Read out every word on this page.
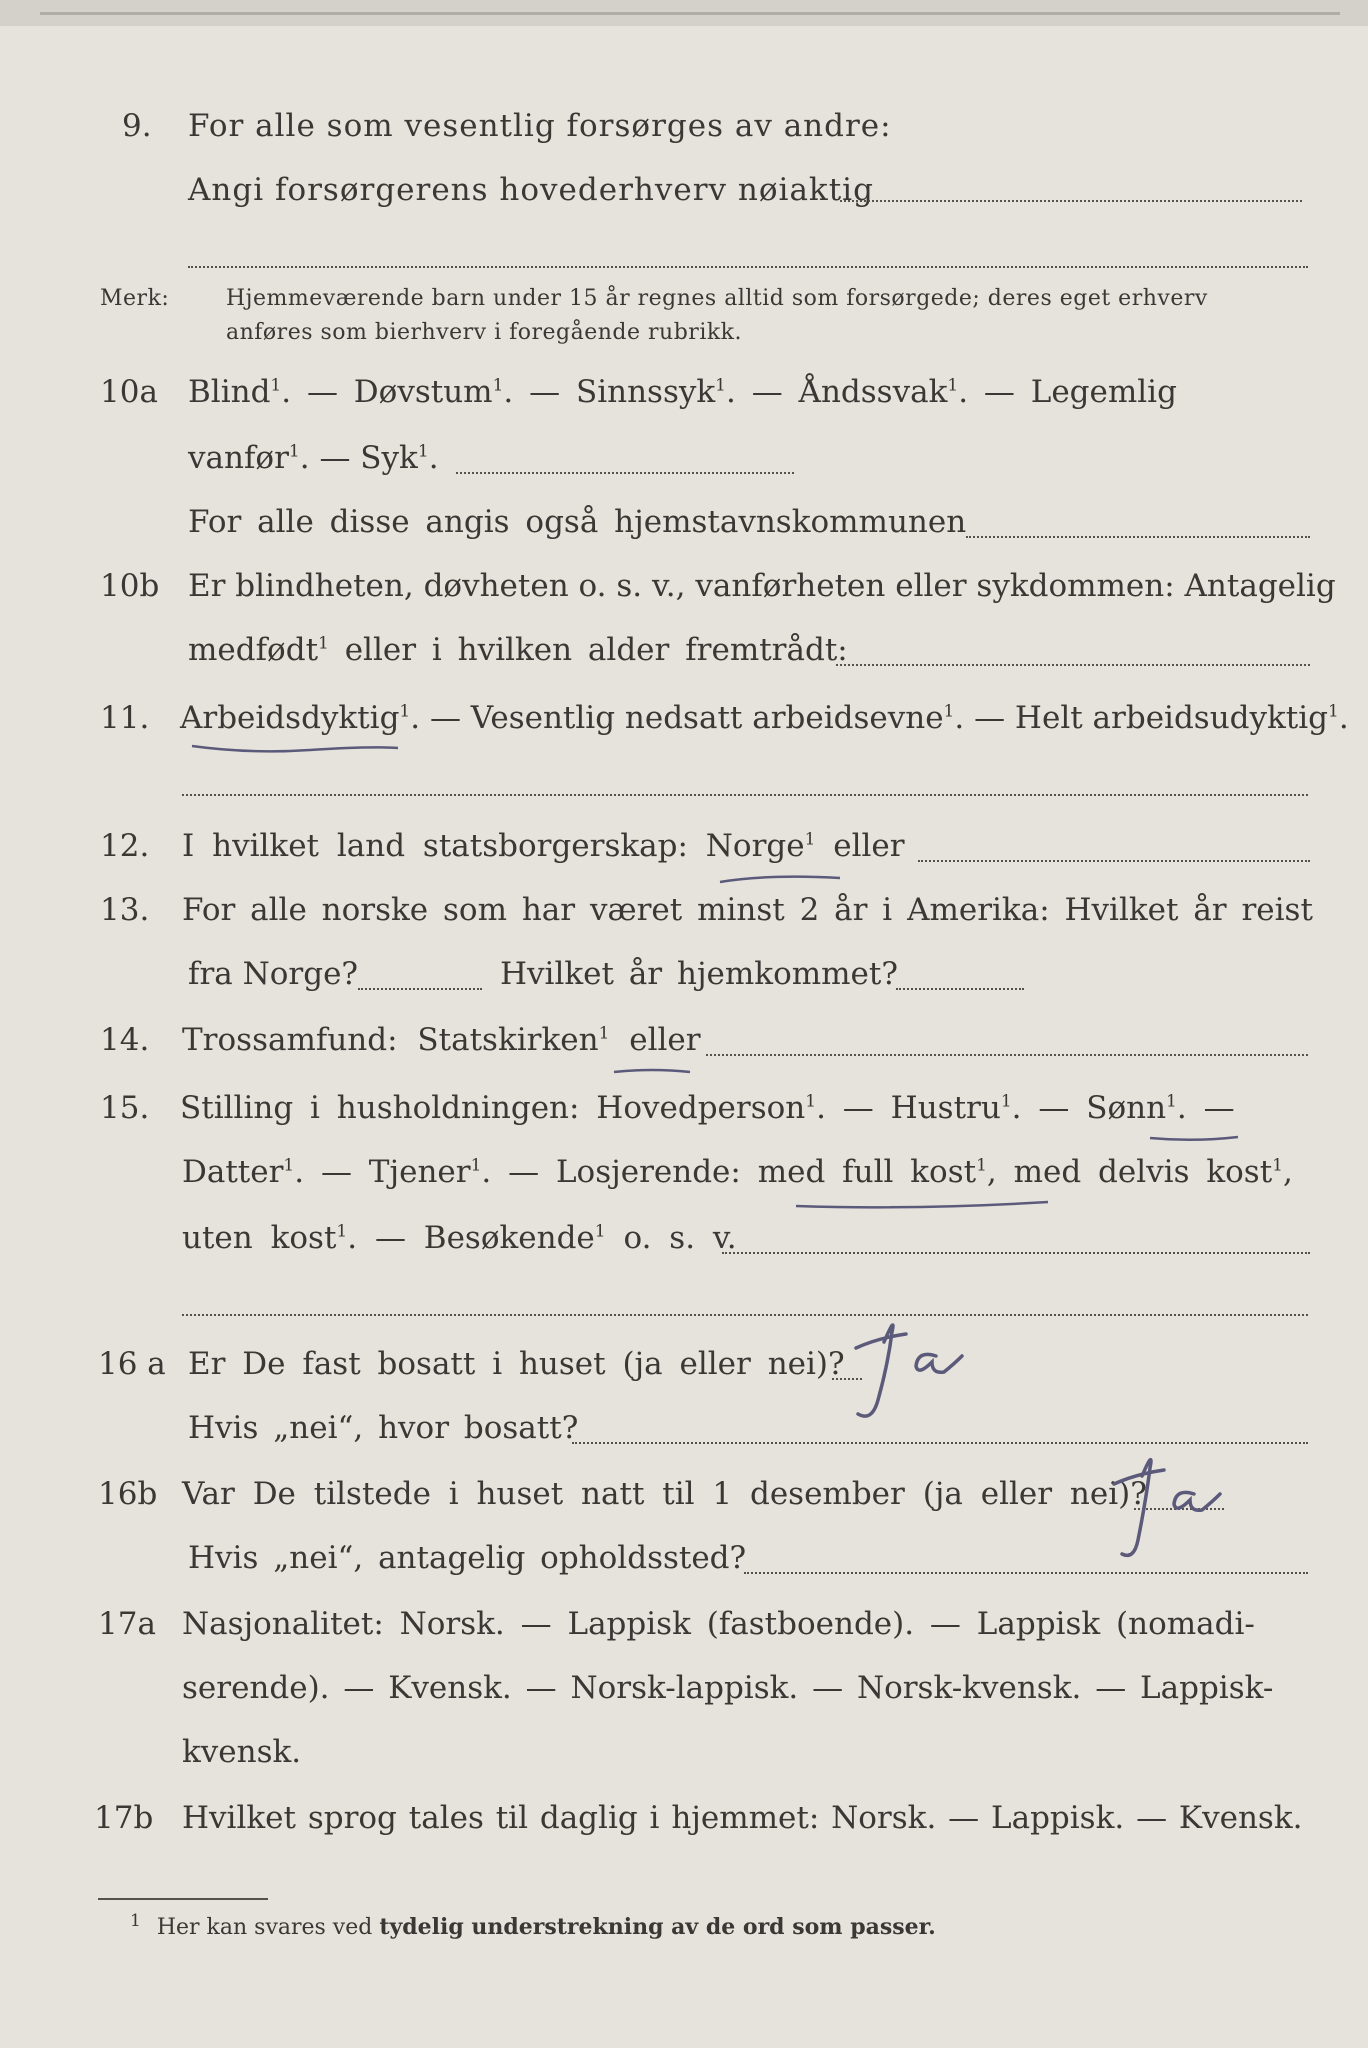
9. For alle som vesentlig forsørges av andre:
Angi forsørgerens hovederhverv nøiaktig
Merk:	Hjemmeværende barn under 15 år regnes alltid som forsørgede; deres eget erhverv
anføres som bierhverv i foregående rubrikk.
10a Blind$^1$. — Døvstum$^1$. — Sinnssyk$^1$. — Åndssvak$^1$. — Legemlig
vanfør$^1$. — Syk$^1$.
For alle disse angis også hjemstavnskommunen
10b Er blindheten, døvheten o. s. v., vanførheten eller sykdommen: Antagelig
medfødt$^1$ eller i hvilken alder fremtrådt:
11. Arbeidsdyktig$^1$. — Vesentlig nedsatt arbeidsevne$^1$. — Helt arbeidsudyktig$^1$.
12. I hvilket land statsborgerskap: Norge$^1$ eller
13. For alle norske som har været minst 2 år i Amerika: Hvilket år reist
fra Norge?	Hvilket år hjemkommet?
14. Trossamfund: Statskirken$^1$ eller
15. Stilling i husholdningen: Hovedperson$^1$. — Hustru$^1$. — Sønn$^1$. —
Datter$^1$. — Tjener$^1$. — Losjerende: med full kost$^1$, med delvis kost$^1$,
uten kost$^1$. — Besøkende$^1$ o. s. v.
16 a Er De fast bosatt i huset (ja eller nei)?
Hvis „nei“, hvor bosatt?
16b Var De tilstede i huset natt til 1 desember (ja eller nei)?
Hvis „nei“, antagelig opholdssted?
17a Nasjonalitet: Norsk. — Lappisk (fastboende). — Lappisk (nomadi-
serende). — Kvensk. — Norsk-lappisk. — Norsk-kvensk. — Lappisk-
kvensk.
17b Hvilket sprog tales til daglig i hjemmet: Norsk. — Lappisk. — Kvensk.
$^1$ Her kan svares ved tydelig understrekning av de ord som passer.
